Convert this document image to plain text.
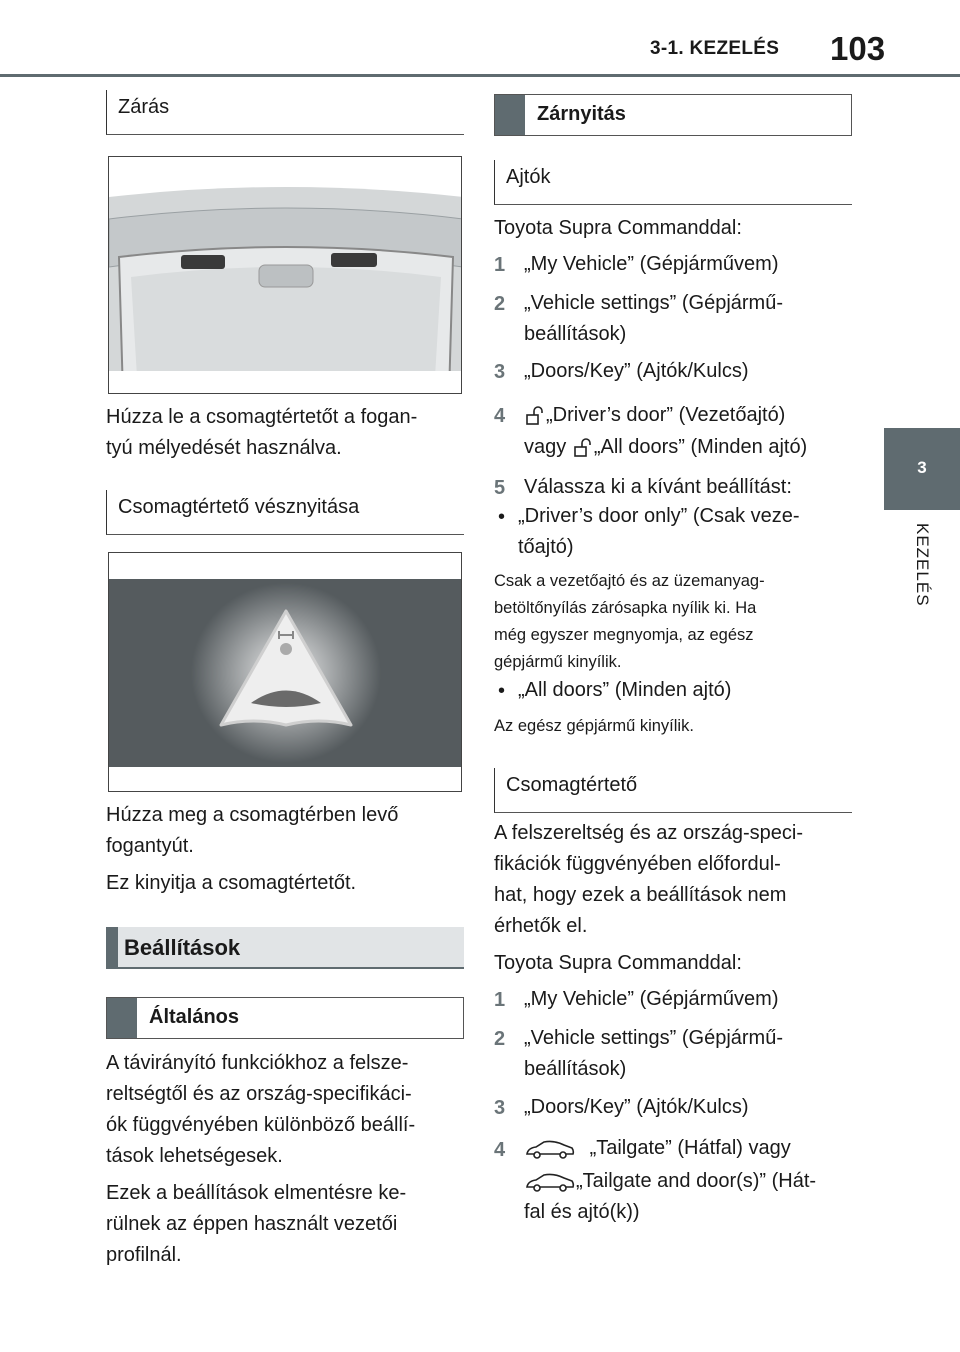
3-1. KEZELÉS 103
3
KEZELÉS
Zárás
Húzza le a csomagtértetőt a fogan-
tyú mélyedését használva.
Csomagtértető vésznyitása
Húzza meg a csomagtérben levő
fogantyút.
Ez kinyitja a csomagtértetőt.
Beállítások
Általános
A távirányító funkciókhoz a felsze-
reltségtől és az ország-specifikáci-
ók függvényében különböző beállí-
tások lehetségesek.
Ezek a beállítások elmentésre ke-
rülnek az éppen használt vezetői
profilnál.
Zárnyitás
Ajtók
Toyota Supra Commanddal:
1 „My Vehicle” (Gépjárművem)
2 „Vehicle settings” (Gépjármű-
beállítások)
3 „Doors/Key” (Ajtók/Kulcs)
4	„Driver’s door” (Vezetőajtó)
vagy „All doors” (Minden ajtó)
5 Válassza ki a kívánt beállítást:
• „Driver’s door only” (Csak veze-
tőajtó)
Csak a vezetőajtó és az üzemanyag-
betöltőnyílás zárósapka nyílik ki. Ha
még egyszer megnyomja, az egész
gépjármű kinyílik.
• „All doors” (Minden ajtó)
Az egész gépjármű kinyílik.
Csomagtértető
A felszereltség és az ország-speci-
fikációk függvényében előfordul-
hat, hogy ezek a beállítások nem
érhetők el.
Toyota Supra Commanddal:
1 „My Vehicle” (Gépjárművem)
2 „Vehicle settings” (Gépjármű-
beállítások)
3 „Doors/Key” (Ajtók/Kulcs)
4	„Tailgate” (Hátfal) vagy
„Tailgate and door(s)” (Hát-
fal és ajtó(k))
